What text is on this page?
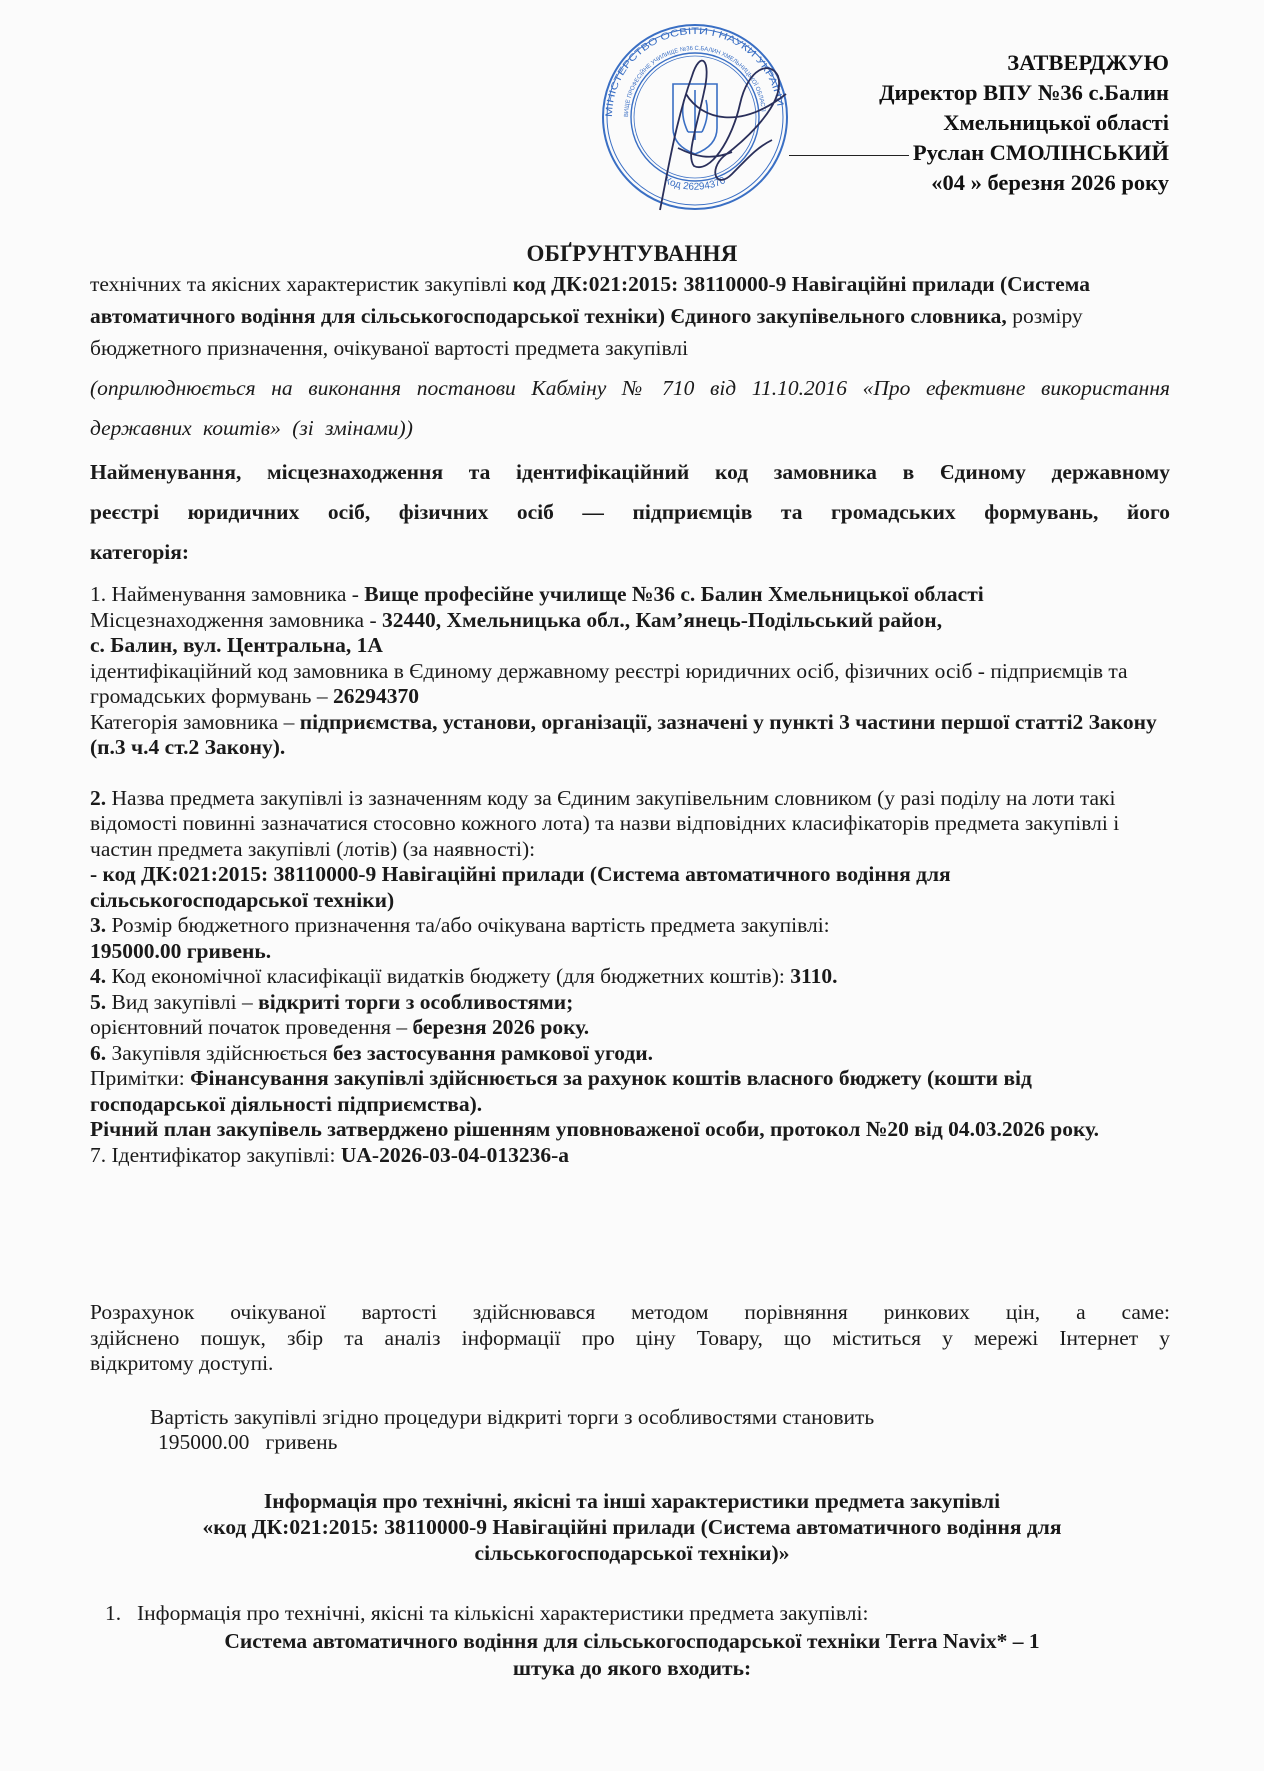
МІНІСТЕРСТВО ОСВІТИ І НАУКИ УКРАЇНИ
ВИЩЕ ПРОФЕСІЙНЕ УЧИЛИЩЕ №36 С.БАЛИН ХМЕЛЬНИЦЬКОЇ ОБЛАСТІ
Код 26294370
ЗАТВЕРДЖУЮ
Директор ВПУ №36 с.Балин
Хмельницької області
Руслан СМОЛІНСЬКИЙ
«04 » березня 2026 року
ОБҐРУНТУВАННЯ
технічних та якісних характеристик закупівлі код ДК:021:2015: 38110000-9 Навігаційні прилади (Система автоматичного водіння для сільськогосподарської техніки) Єдиного закупівельного словника, розміру бюджетного призначення, очікуваної вартості предмета закупівлі
(оприлюднюється на виконання постанови Кабміну № 710 від 11.10.2016 «Про ефективне використання державних коштів» (зі змінами))
Найменування, місцезнаходження та ідентифікаційний код замовника в Єдиному державному
реєстрі юридичних осіб, фізичних осіб — підприємців та громадських формувань, його
категорія:

1. Найменування замовника - Вище професійне училище №36 с. Балин Хмельницької області

Місцезнаходження замовника - 32440, Хмельницька обл., Кам’янець-Подільський район,

с. Балин, вул. Центральна, 1А

ідентифікаційний код замовника в Єдиному державному реєстрі юридичних осіб, фізичних осіб - підприємців та громадських формувань – 26294370

Категорія замовника – підприємства, установи, організації, зазначені у пункті 3 частини першої статті2 Закону (п.3 ч.4 ст.2 Закону).

2. Назва предмета закупівлі із зазначенням коду за Єдиним закупівельним словником (у разі поділу на лоти такі відомості повинні зазначатися стосовно кожного лота) та назви відповідних класифікаторів предмета закупівлі і частин предмета закупівлі (лотів) (за наявності):

- код ДК:021:2015: 38110000-9 Навігаційні прилади (Система автоматичного водіння для сільськогосподарської техніки)

3. Розмір бюджетного призначення та/або очікувана вартість предмета закупівлі:

195000.00 гривень.

4. Код економічної класифікації видатків бюджету (для бюджетних коштів): 3110.

5. Вид закупівлі – відкриті торги з особливостями;

орієнтовний початок проведення – березня 2026 року.

6. Закупівля здійснюється без застосування рамкової угоди.

Примітки: Фінансування закупівлі здійснюється за рахунок коштів власного бюджету (кошти від господарської діяльності підприємства).

Річний план закупівель затверджено рішенням уповноваженої особи, протокол №20 від 04.03.2026 року.

7. Ідентифікатор закупівлі: UA-2026-03-04-013236-a

Розрахунок очікуваної вартості здійснювався методом порівняння ринкових цін, а саме:
здійснено пошук, збір та аналіз інформації про ціну Товару, що міститься у мережі Інтернет у
відкритому доступі.
Вартість закупівлі згідно процедури відкриті торги з особливостями становить
195000.00 гривень
Інформація про технічні, якісні та інші характеристики предмета закупівлі
«код ДК:021:2015: 38110000-9 Навігаційні прилади (Система автоматичного водіння для
сільськогосподарської техніки)»
1. Інформація про технічні, якісні та кількісні характеристики предмета закупівлі:
Система автоматичного водіння для сільськогосподарської техніки Terra Navix* – 1
штука до якого входить:
